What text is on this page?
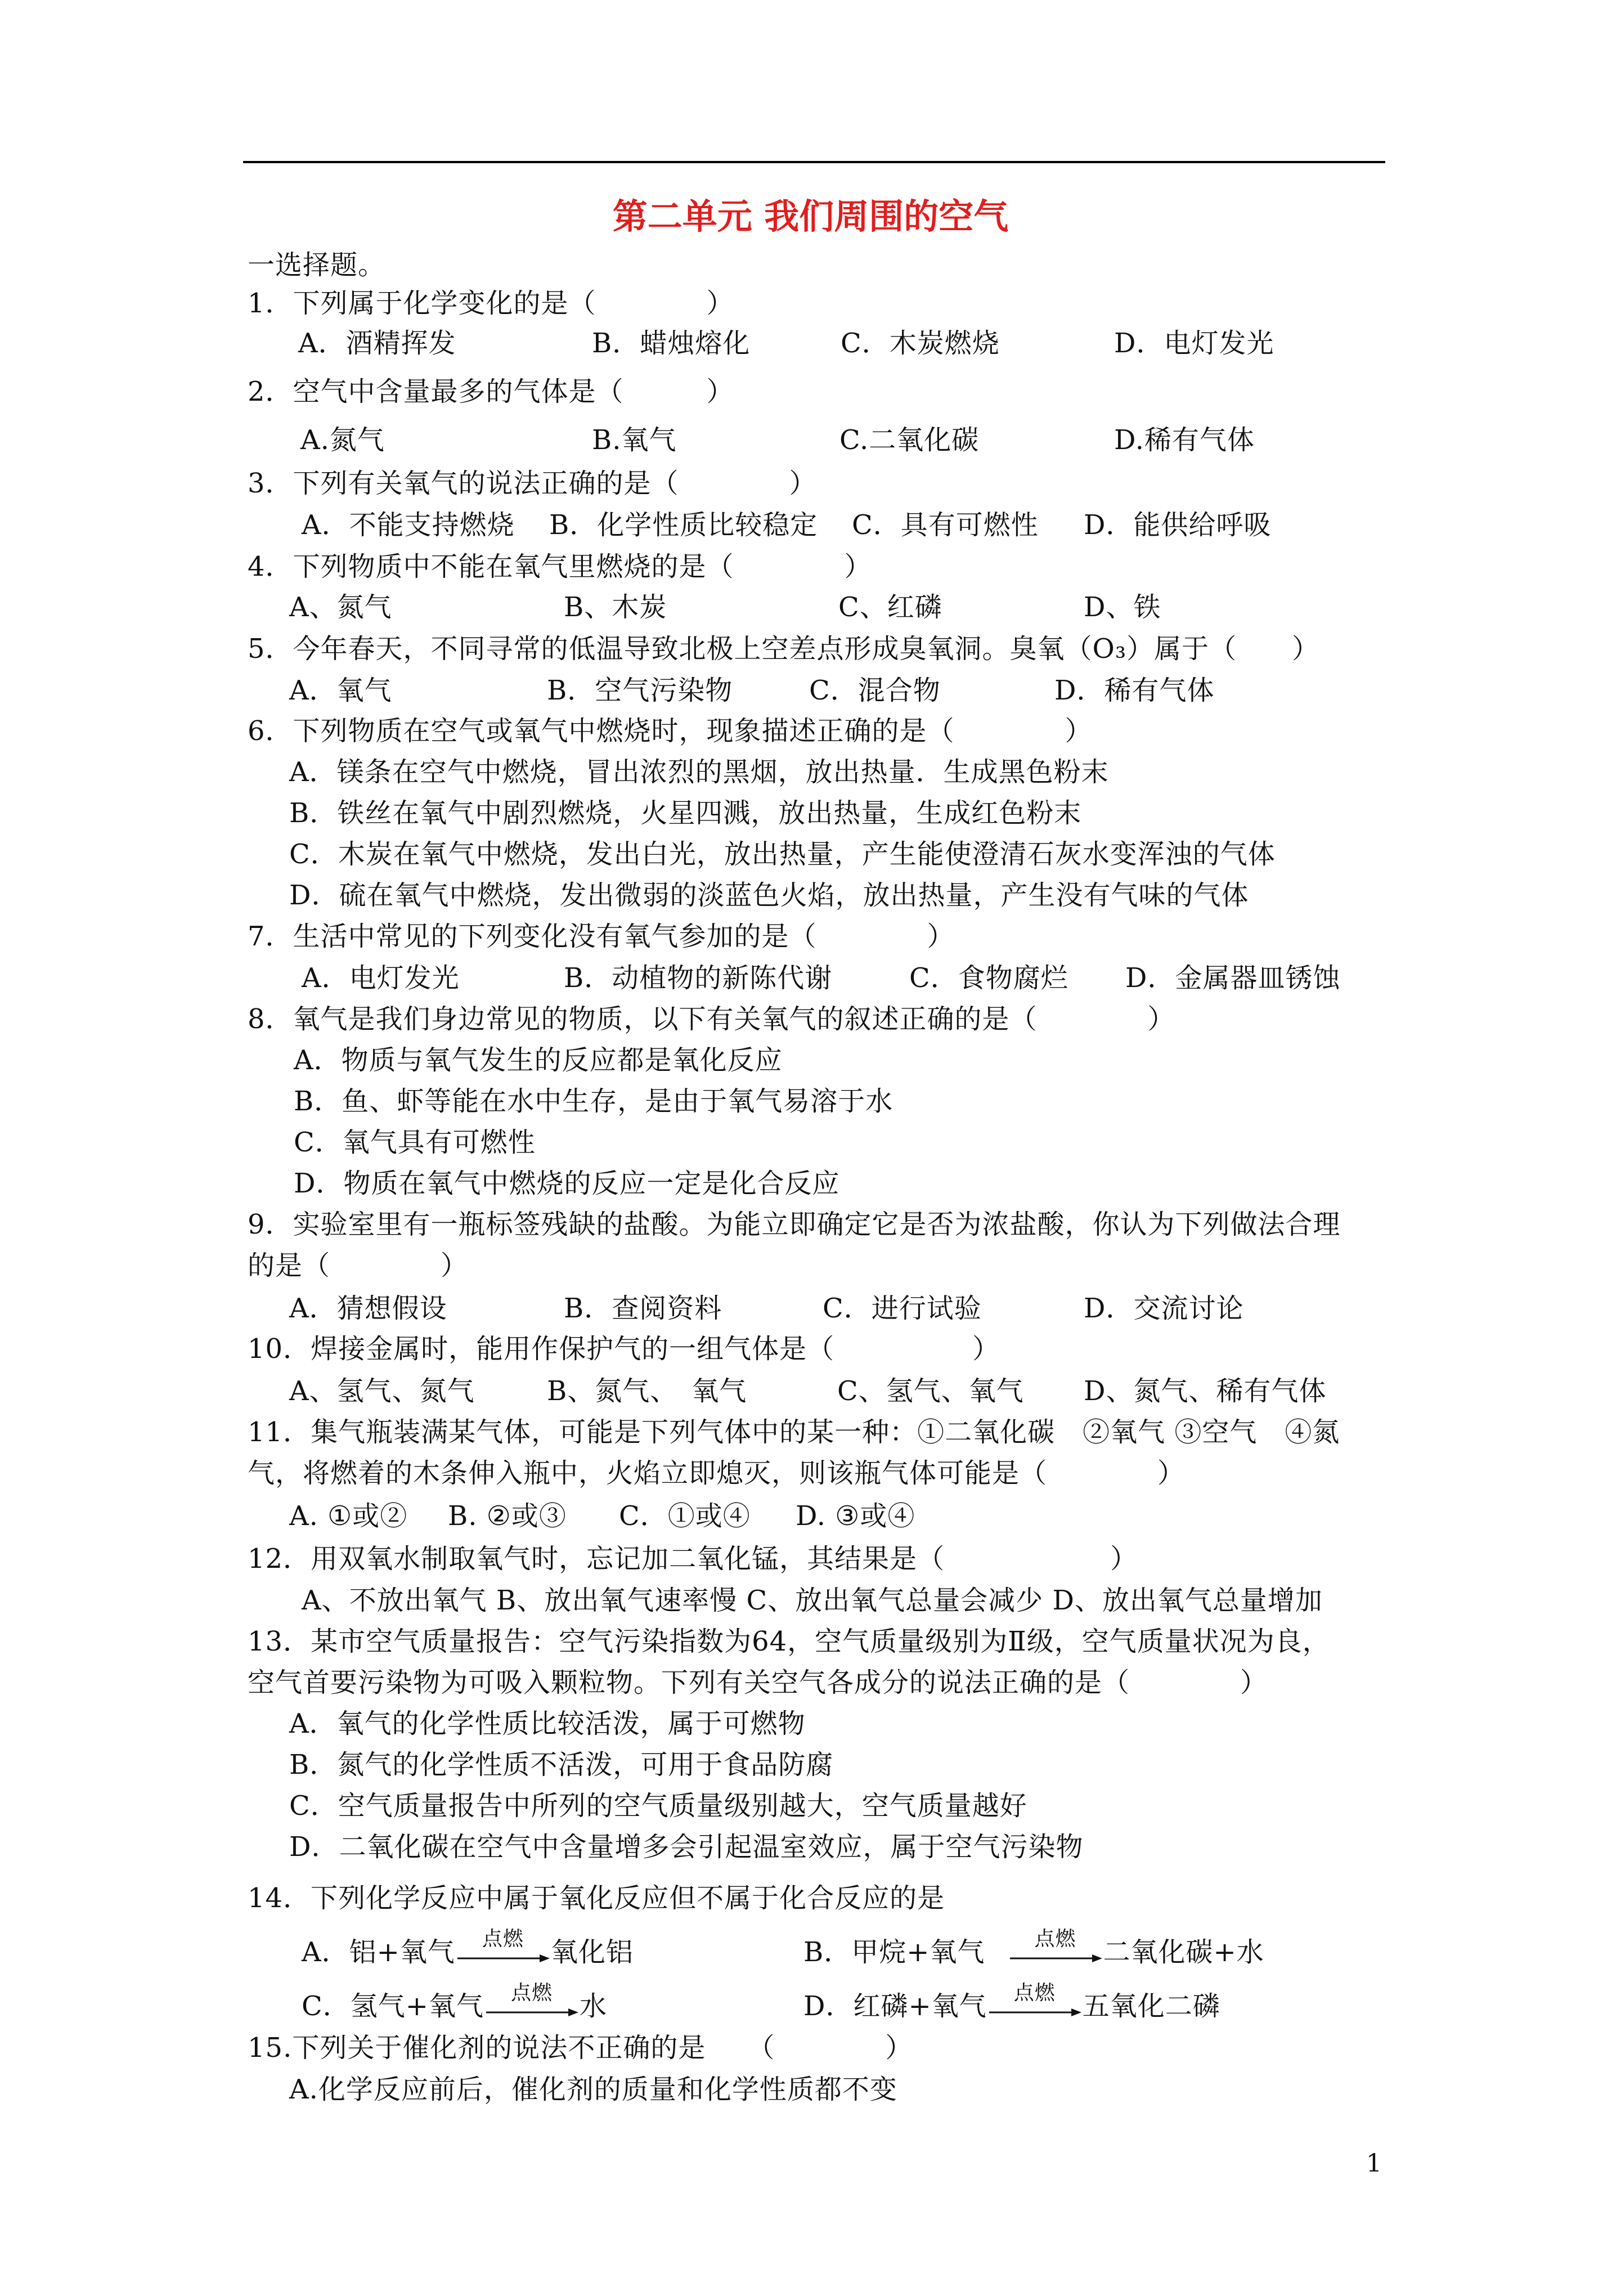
第二单元 我们周围的空气
一选择题。
1．下列属于化学变化的是（　　　　）
A．酒精挥发	B．蜡烛熔化	C．木炭燃烧	D．电灯发光
2．空气中含量最多的气体是（　　　）
A.氮气	B.氧气	C.二氧化碳	D.稀有气体
3．下列有关氧气的说法正确的是（　　　　）
A．不能支持燃烧 B．化学性质比较稳定 C．具有可燃性 D．能供给呼吸
4．下列物质中不能在氧气里燃烧的是（　　　　）
A、氮气	B、木炭	C、红磷	D、铁
5．今年春天，不同寻常的低温导致北极上空差点形成臭氧洞。臭氧（O₃）属于（　　）
A．氧气	B．空气污染物	C．混合物	D．稀有气体
6．下列物质在空气或氧气中燃烧时，现象描述正确的是（　　　　）
A．镁条在空气中燃烧，冒出浓烈的黑烟，放出热量．生成黑色粉末
B．铁丝在氧气中剧烈燃烧，火星四溅，放出热量，生成红色粉末
C．木炭在氧气中燃烧，发出白光，放出热量，产生能使澄清石灰水变浑浊的气体
D．硫在氧气中燃烧，发出微弱的淡蓝色火焰，放出热量，产生没有气味的气体
7．生活中常见的下列变化没有氧气参加的是（　　　　）
A．电灯发光	B．动植物的新陈代谢	C．食物腐烂 D．金属器皿锈蚀
8．氧气是我们身边常见的物质，以下有关氧气的叙述正确的是（　　　　）
A．物质与氧气发生的反应都是氧化反应
B．鱼、虾等能在水中生存，是由于氧气易溶于水
C．氧气具有可燃性
D．物质在氧气中燃烧的反应一定是化合反应
9．实验室里有一瓶标签残缺的盐酸。为能立即确定它是否为浓盐酸，你认为下列做法合理
的是（　　　　）
A．猜想假设	B．查阅资料	C．进行试验	D．交流讨论
10．焊接金属时，能用作保护气的一组气体是（　　　　　）
A、氢气、氮气	B、氮气、　氧气	C、氢气、氧气 D、氮气、稀有气体
11．集气瓶装满某气体，可能是下列气体中的某一种：①二氧化碳　②氧气 ③空气　④氮
气，将燃着的木条伸入瓶中，火焰立即熄灭，则该瓶气体可能是（　　　　）
A. ①或② B. ②或③ C．①或④ D. ③或④
12．用双氧水制取氧气时，忘记加二氧化锰，其结果是（　　　　　　）
A、不放出氧气 B、放出氧气速率慢 C、放出氧气总量会减少 D、放出氧气总量增加
13．某市空气质量报告：空气污染指数为64，空气质量级别为Ⅱ级，空气质量状况为良，
空气首要污染物为可吸入颗粒物。下列有关空气各成分的说法正确的是（　　　　）
A．氧气的化学性质比较活泼，属于可燃物
B．氮气的化学性质不活泼，可用于食品防腐
C．空气质量报告中所列的空气质量级别越大，空气质量越好
D．二氧化碳在空气中含量增多会引起温室效应，属于空气污染物
14．下列化学反应中属于氧化反应但不属于化合反应的是
A．铝+氧气	点燃	氧化铝	B．甲烷+氧气	点燃	二氧化碳+水
C．氢气+氧气	点燃	水	D．红磷+氧气	点燃	五氧化二磷
15.下列关于催化剂的说法不正确的是　　（　　　　）
A.化学反应前后，催化剂的质量和化学性质都不变
1
